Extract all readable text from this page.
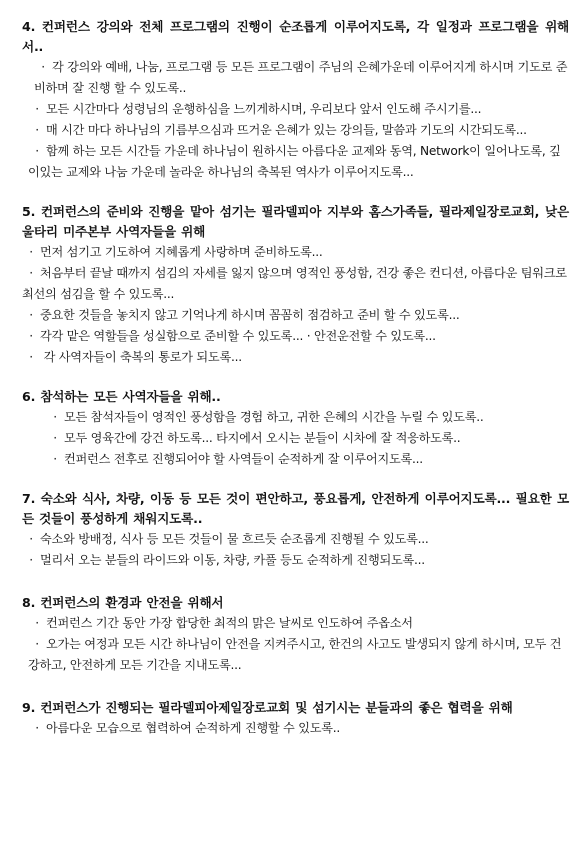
4. 컨퍼런스 강의와 전체 프로그램의 진행이 순조롭게 이루어지도록, 각 일정과 프로그램을 위해서..

· 각 강의와 예배, 나눔, 프로그램 등 모든 프로그램이 주님의 은혜가운데 이루어지게 하시며 기도로 준비하며 잘 진행 할 수 있도록..

· 모든 시간마다 성령님의 운행하심을 느끼게하시며, 우리보다 앞서 인도해 주시기를...

· 매 시간 마다 하나님의 기름부으심과 뜨거운 은혜가 있는 강의들, 말씀과 기도의 시간되도록...

· 함께 하는 모든 시간들 가운데 하나님이 원하시는 아름다운 교제와 동역, Network이 일어나도록, 깊이있는 교제와 나눔 가운데 놀라운 하나님의 축복된 역사가 이루어지도록...

5. 컨퍼런스의 준비와 진행을 맡아 섬기는 필라델피아 지부와 홈스가족들, 필라제일장로교회, 낮은울타리 미주본부 사역자들을 위해

· 먼저 섬기고 기도하여 지혜롭게 사랑하며 준비하도록...

· 처음부터 끝날 때까지 섬김의 자세를 잃지 않으며 영적인 풍성함, 건강 좋은 컨디션, 아름다운 팀워크로 최선의 섬김을 할 수 있도록...

· 중요한 것들을 놓치지 않고 기억나게 하시며 꼼꼼히 점검하고 준비 할 수 있도록...

· 각각 맡은 역할들을 성실함으로 준비할 수 있도록... · 안전운전할 수 있도록...

· 각 사역자들이 축복의 통로가 되도록...

6. 참석하는 모든 사역자들을 위해..

· 모든 참석자들이 영적인 풍성함을 경험 하고, 귀한 은혜의 시간을 누릴 수 있도록..

· 모두 영육간에 강건 하도록... 타지에서 오시는 분들이 시차에 잘 적응하도록..

· 컨퍼런스 전후로 진행되어야 할 사역들이 순적하게 잘 이루어지도록...

7. 숙소와 식사, 차량, 이동 등 모든 것이 편안하고, 풍요롭게, 안전하게 이루어지도록... 필요한 모든 것들이 풍성하게 채워지도록..

· 숙소와 방배정, 식사 등 모든 것들이 물 흐르듯 순조롭게 진행될 수 있도록...

· 멀리서 오는 분들의 라이드와 이동, 차량, 카풀 등도 순적하게 진행되도록...

8. 컨퍼런스의 환경과 안전을 위해서

· 컨퍼런스 기간 동안 가장 합당한 최적의 맑은 날씨로 인도하여 주옵소서

· 오가는 여정과 모든 시간 하나님이 안전을 지켜주시고, 한건의 사고도 발생되지 않게 하시며, 모두 건강하고, 안전하게 모든 기간을 지내도록...

9. 컨퍼런스가 진행되는 필라델피아제일장로교회 및 섬기시는 분들과의 좋은 협력을 위해

· 아름다운 모습으로 협력하여 순적하게 진행할 수 있도록..
